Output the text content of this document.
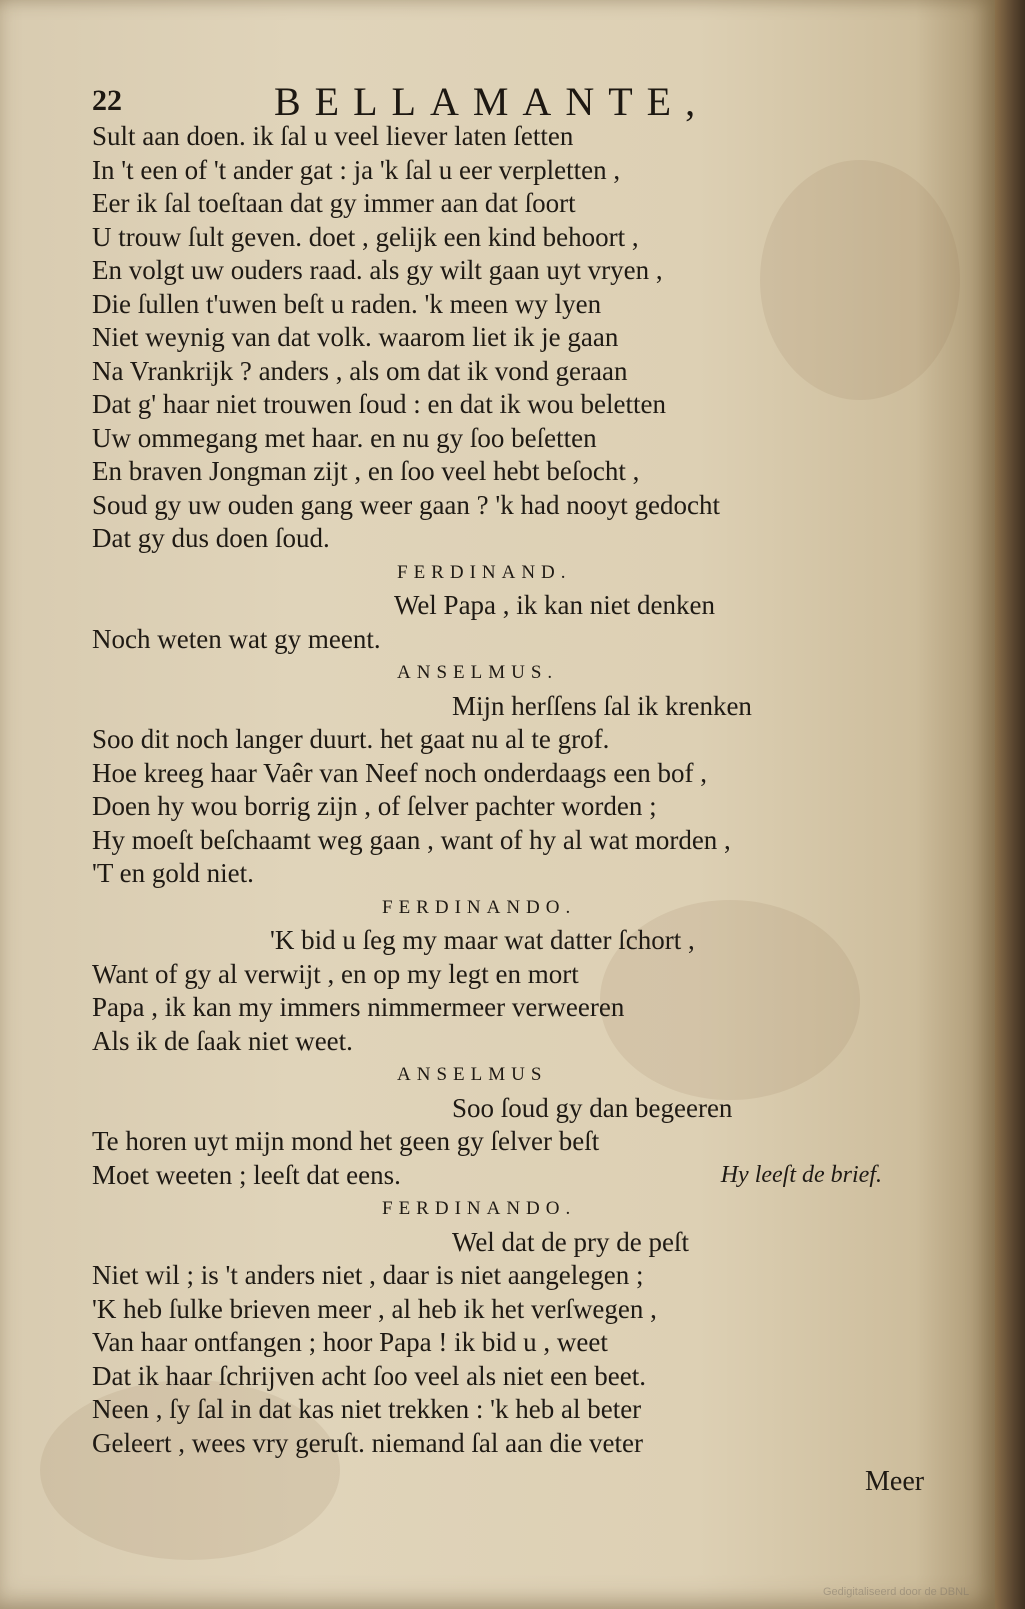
22	BELLAMANTE,
Sult aan doen. ik ſal u veel liever laten ſetten
In 't een of 't ander gat : ja 'k ſal u eer verpletten ,
Eer ik ſal toeſtaan dat gy immer aan dat ſoort
U trouw ſult geven. doet , gelijk een kind behoort ,
En volgt uw ouders raad. als gy wilt gaan uyt vryen ,
Die ſullen t'uwen beſt u raden. 'k meen wy lyen
Niet weynig van dat volk. waarom liet ik je gaan
Na Vrankrijk ? anders , als om dat ik vond geraan
Dat g' haar niet trouwen ſoud : en dat ik wou beletten
Uw ommegang met haar. en nu gy ſoo beſetten
En braven Jongman zijt , en ſoo veel hebt beſocht ,
Soud gy uw ouden gang weer gaan ? 'k had nooyt gedocht
Dat gy dus doen ſoud.
FERDINAND.
Wel Papa , ik kan niet denken
Noch weten wat gy meent.
ANSELMUS.
Mijn herſſens ſal ik krenken
Soo dit noch langer duurt. het gaat nu al te grof.
Hoe kreeg haar Vaêr van Neef noch onderdaags een bof ,
Doen hy wou borrig zijn , of ſelver pachter worden ;
Hy moeſt beſchaamt weg gaan , want of hy al wat morden ,
'T en gold niet.
FERDINANDO.
'K bid u ſeg my maar wat datter ſchort ,
Want of gy al verwijt , en op my legt en mort
Papa , ik kan my immers nimmermeer verweeren
Als ik de ſaak niet weet.
ANSELMUS
Soo ſoud gy dan begeeren
Te horen uyt mijn mond het geen gy ſelver beſt
Moet weeten ; leeſt dat eens.	Hy leeſt de brief.
FERDINANDO.
Wel dat de pry de peſt
Niet wil ; is 't anders niet , daar is niet aangelegen ;
'K heb ſulke brieven meer , al heb ik het verſwegen ,
Van haar ontfangen ; hoor Papa ! ik bid u , weet
Dat ik haar ſchrijven acht ſoo veel als niet een beet.
Neen , ſy ſal in dat kas niet trekken : 'k heb al beter
Geleert , wees vry geruſt. niemand ſal aan die veter
Meer
Gedigitaliseerd door de DBNL
